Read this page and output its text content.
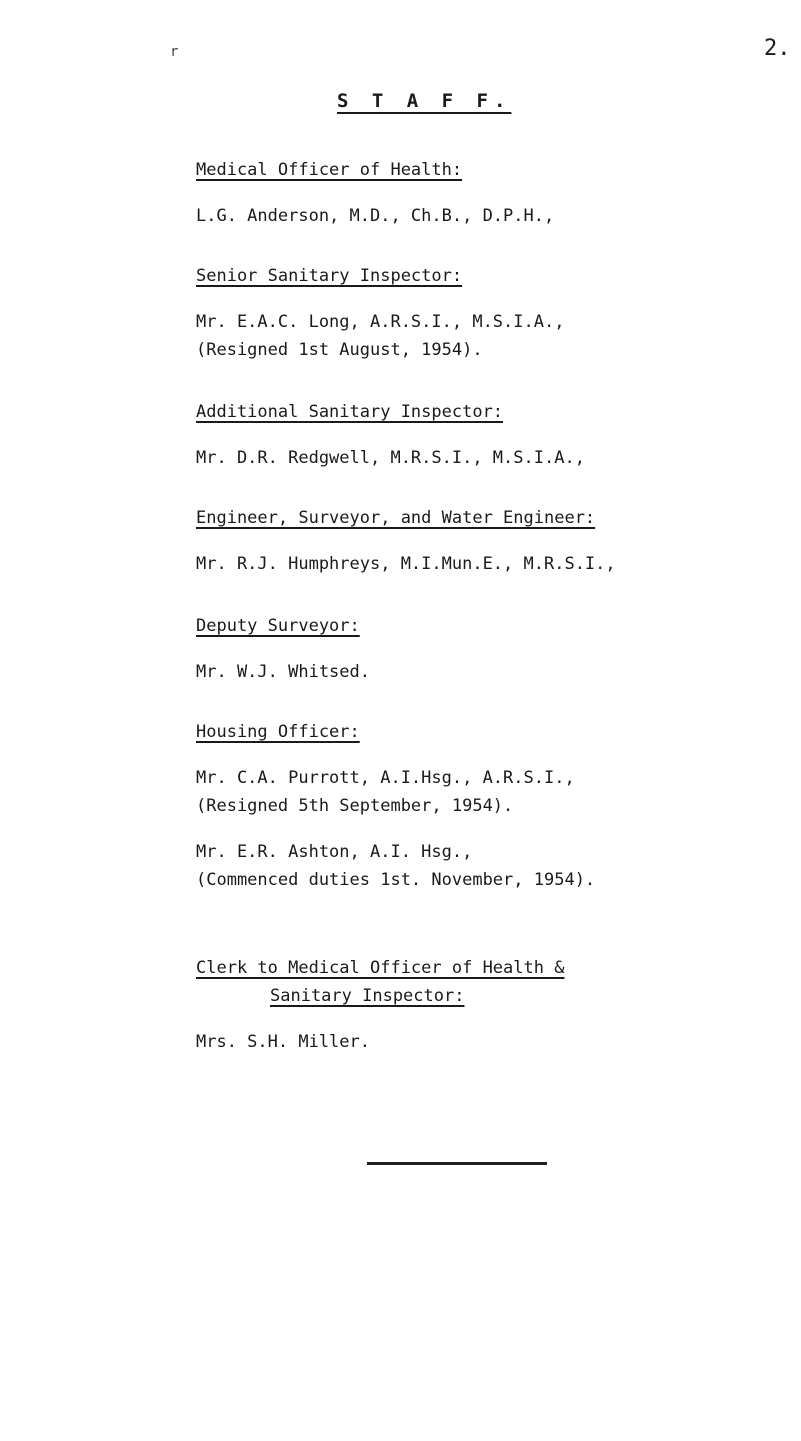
r	2.
S T A F F.
Medical Officer of Health:
L.G. Anderson, M.D., Ch.B., D.P.H.,
Senior Sanitary Inspector:
Mr. E.A.C. Long, A.R.S.I., M.S.I.A.,
(Resigned 1st August, 1954).
Additional Sanitary Inspector:
Mr. D.R. Redgwell, M.R.S.I., M.S.I.A.,
Engineer, Surveyor, and Water Engineer:
Mr. R.J. Humphreys, M.I.Mun.E., M.R.S.I.,
Deputy Surveyor:
Mr. W.J. Whitsed.
Housing Officer:
Mr. C.A. Purrott, A.I.Hsg., A.R.S.I.,
(Resigned 5th September, 1954).
Mr. E.R. Ashton, A.I. Hsg.,
(Commenced duties 1st. November, 1954).
Clerk to Medical Officer of Health &
Sanitary Inspector:
Mrs. S.H. Miller.
